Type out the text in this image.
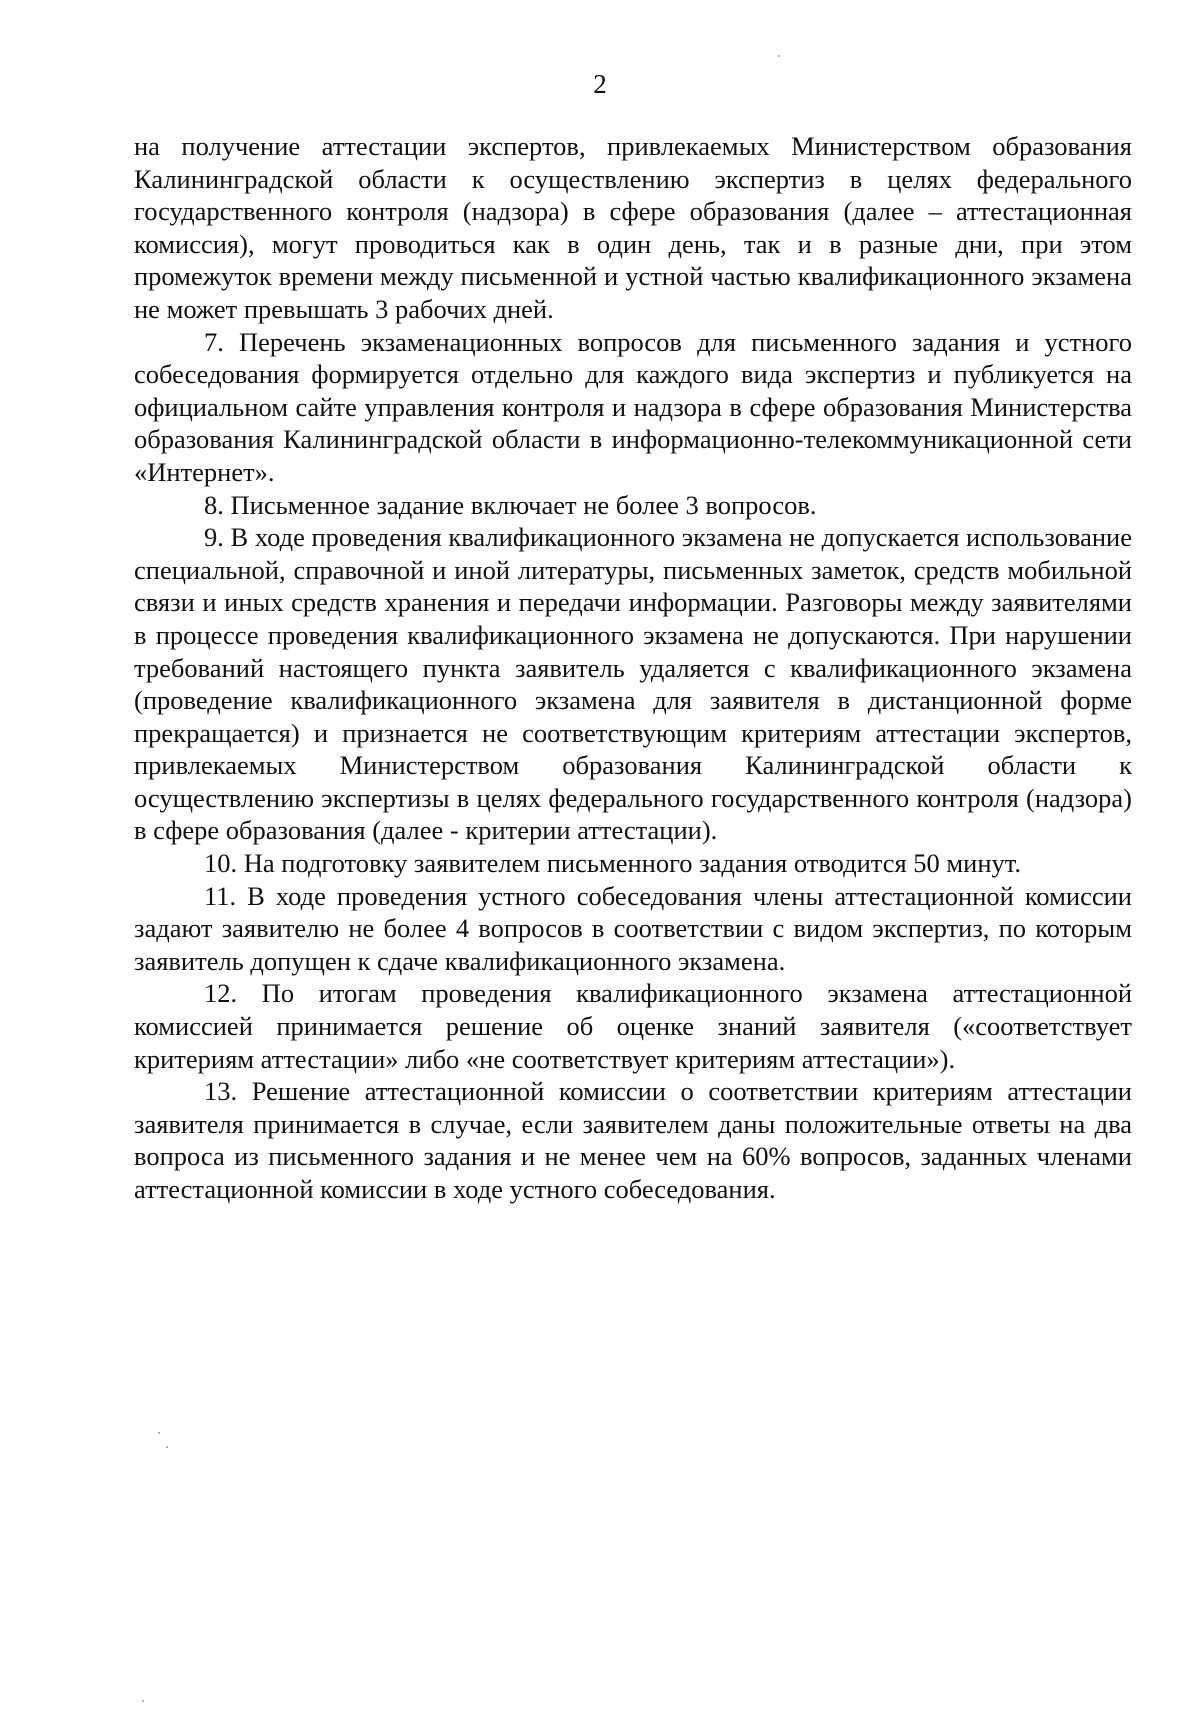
2

на получение аттестации экспертов, привлекаемых Министерством образования Калининградской области к осуществлению экспертиз в целях федерального государственного контроля (надзора) в сфере образования (далее – аттестационная комиссия), могут проводиться как в один день, так и в разные дни, при этом промежуток времени между письменной и устной частью квалификационного экзамена не может превышать 3 рабочих дней.

7. Перечень экзаменационных вопросов для письменного задания и устного собеседования формируется отдельно для каждого вида экспертиз и публикуется на официальном сайте управления контроля и надзора в сфере образования Министерства образования Калининградской области в информационно-телекоммуникационной сети «Интернет».

8. Письменное задание включает не более 3 вопросов.

9. В ходе проведения квалификационного экзамена не допускается использование специальной, справочной и иной литературы, письменных заметок, средств мобильной связи и иных средств хранения и передачи информации. Разговоры между заявителями в процессе проведения квалификационного экзамена не допускаются. При нарушении требований настоящего пункта заявитель удаляется с квалификационного экзамена (проведение квалификационного экзамена для заявителя в дистанционной форме прекращается) и признается не соответствующим критериям аттестации экспертов, привлекаемых Министерством образования Калининградской области к осуществлению экспертизы в целях федерального государственного контроля (надзора) в сфере образования (далее - критерии аттестации).

10. На подготовку заявителем письменного задания отводится 50 минут.

11. В ходе проведения устного собеседования члены аттестационной комиссии задают заявителю не более 4 вопросов в соответствии с видом экспертиз, по которым заявитель допущен к сдаче квалификационного экзамена.

12. По итогам проведения квалификационного экзамена аттестационной комиссией принимается решение об оценке знаний заявителя («соответствует критериям аттестации» либо «не соответствует критериям аттестации»).

13. Решение аттестационной комиссии о соответствии критериям аттестации заявителя принимается в случае, если заявителем даны положительные ответы на два вопроса из письменного задания и не менее чем на 60% вопросов, заданных членами аттестационной комиссии в ходе устного собеседования.
